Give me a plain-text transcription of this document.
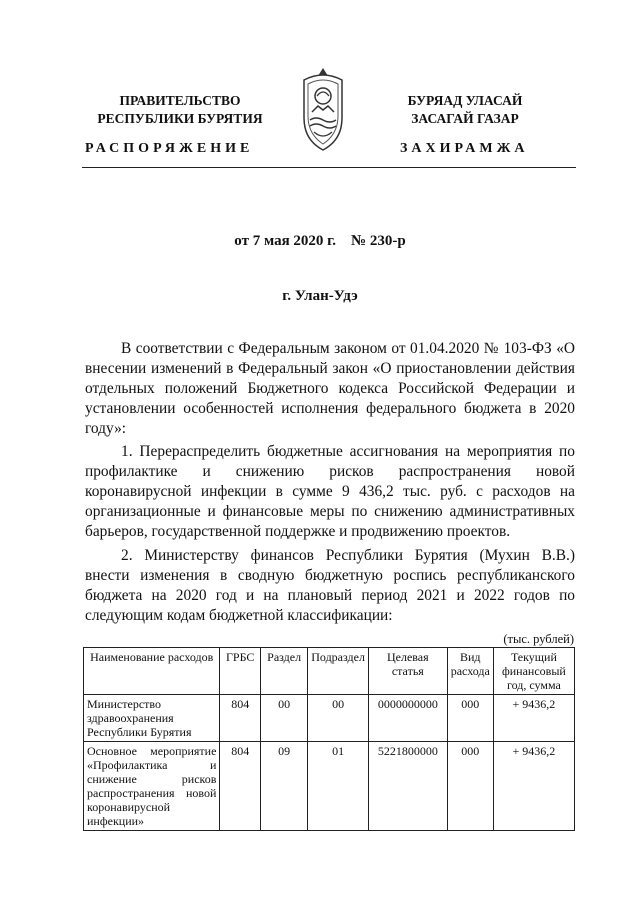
ПРАВИТЕЛЬСТВО
РЕСПУБЛИКИ БУРЯТИЯ
БУРЯАД УЛАСАЙ
ЗАСАГАЙ ГАЗАР
РАСПОРЯЖЕНИЕ	ЗАХИРАМЖА
от 7 мая 2020 г.    № 230-р
г. Улан-Удэ

В соответствии с Федеральным законом от 01.04.2020 № 103-ФЗ «О внесении изменений в Федеральный закон «О приостановлении действия отдельных положений Бюджетного кодекса Российской Федерации и установлении особенностей исполнения федерального бюджета в 2020 году»:

1. Перераспределить бюджетные ассигнования на мероприятия по профилактике и снижению рисков распространения новой коронавирусной инфекции в сумме 9 436,2 тыс. руб. с расходов на организационные и финансовые меры по снижению административных барьеров, государственной поддержке и продвижению проектов.

2. Министерству финансов Республики Бурятия (Мухин В.В.) внести изменения в сводную бюджетную роспись республиканского бюджета на 2020 год и на плановый период 2021 и 2022 годов по следующим кодам бюджетной классификации:

(тыс. рублей)
Наименование расходов	ГРБС	Раздел	Подраздел	Целевая статья	Вид расхода	Текущий финансовый год, сумма
Министерство здравоохранения Республики Бурятия	804	00	00	0000000000	000	+ 9436,2
Основное мероприятие «Профилактика и снижение рисков распространения новой коронавирусной инфекции»	804	09	01	5221800000	000	+ 9436,2
